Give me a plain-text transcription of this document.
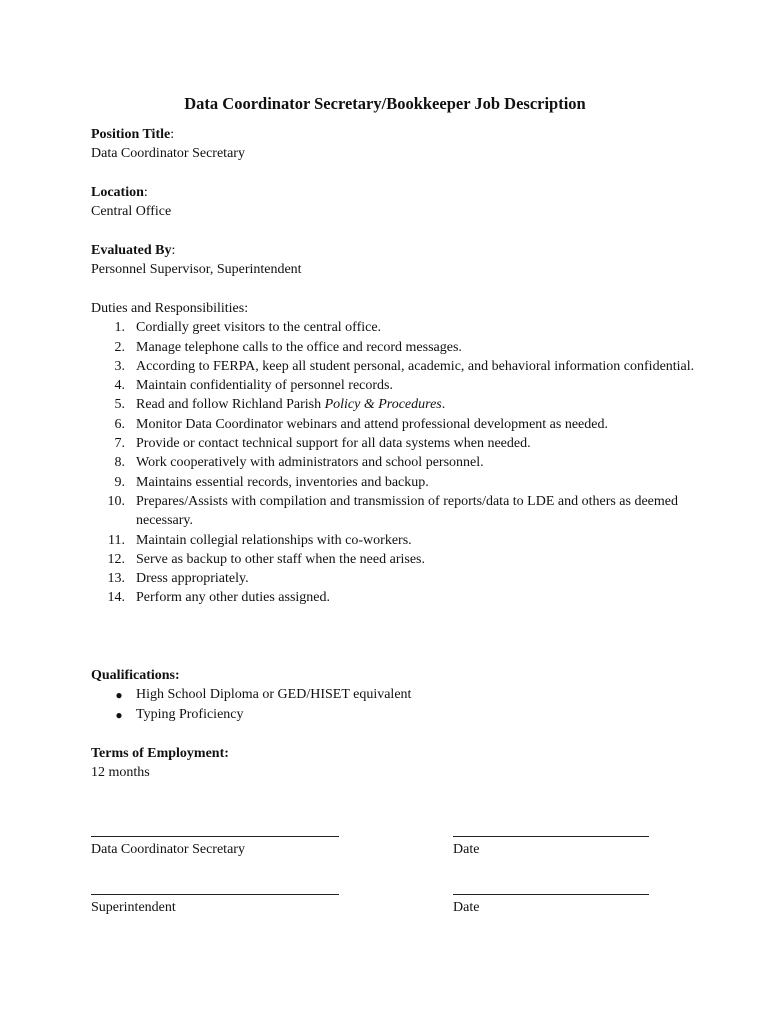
Data Coordinator Secretary/Bookkeeper Job Description
Position Title:
Data Coordinator Secretary
Location:
Central Office
Evaluated By:
Personnel Supervisor, Superintendent
Duties and Responsibilities:
1. Cordially greet visitors to the central office.
2. Manage telephone calls to the office and record messages.
3. According to FERPA, keep all student personal, academic, and behavioral information confidential.
4. Maintain confidentiality of personnel records.
5. Read and follow Richland Parish Policy & Procedures.
6. Monitor Data Coordinator webinars and attend professional development as needed.
7. Provide or contact technical support for all data systems when needed.
8. Work cooperatively with administrators and school personnel.
9. Maintains essential records, inventories and backup.
10. Prepares/Assists with compilation and transmission of reports/data to LDE and others as deemed necessary.
11. Maintain collegial relationships with co-workers.
12. Serve as backup to other staff when the need arises.
13. Dress appropriately.
14. Perform any other duties assigned.
Qualifications:
● High School Diploma or GED/HISET equivalent
● Typing Proficiency
Terms of Employment:
12 months
Data Coordinator Secretary	Date
Superintendent	Date
